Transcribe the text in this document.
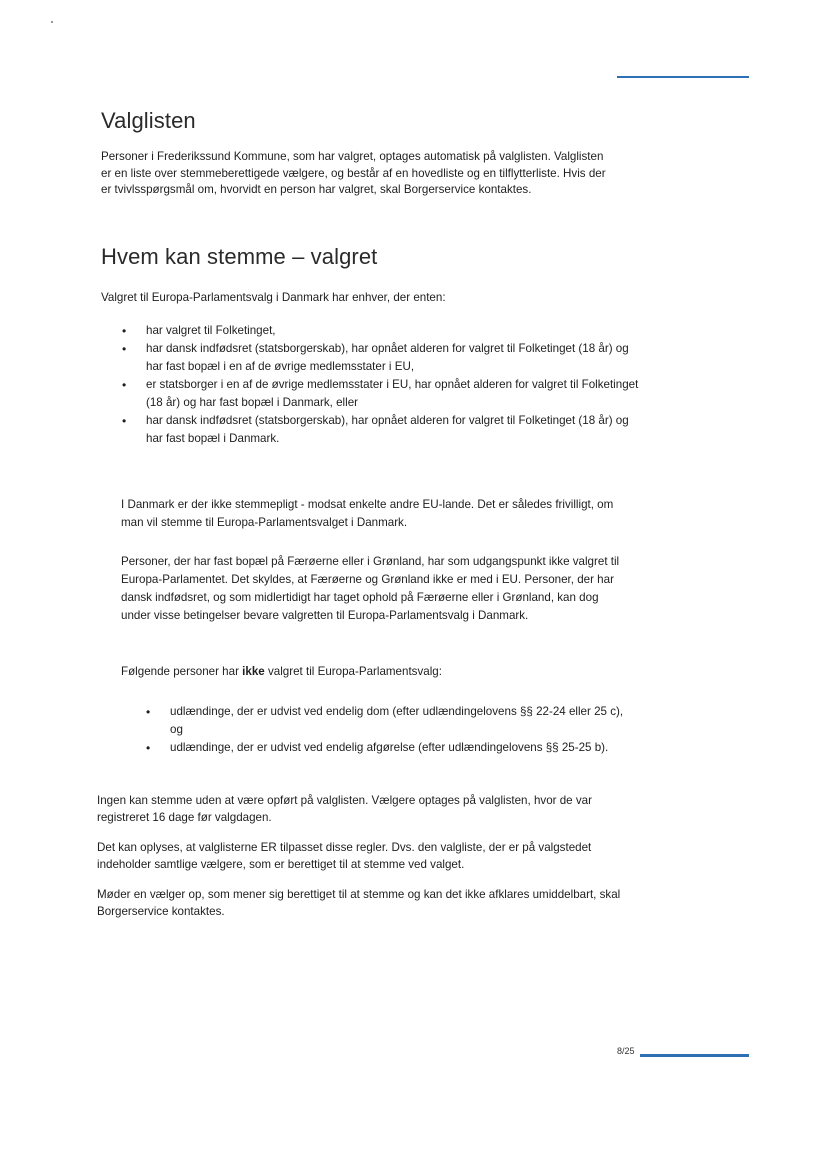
Valglisten

Personer i Frederikssund Kommune, som har valgret, optages automatisk på valglisten. Valglisten er en liste over stemmeberettigede vælgere, og består af en hovedliste og en tilflytterliste. Hvis der er tvivlsspørgsmål om, hvorvidt en person har valgret, skal Borgerservice kontaktes.

Hvem kan stemme – valgret

Valgret til Europa-Parlamentsvalg i Danmark har enhver, der enten:

• har valgret til Folketinget,
• har dansk indfødsret (statsborgerskab), har opnået alderen for valgret til Folketinget (18 år) og har fast bopæl i en af de øvrige medlemsstater i EU,
• er statsborger i en af de øvrige medlemsstater i EU, har opnået alderen for valgret til Folketinget (18 år) og har fast bopæl i Danmark, eller
• har dansk indfødsret (statsborgerskab), har opnået alderen for valgret til Folketinget (18 år) og har fast bopæl i Danmark.

I Danmark er der ikke stemmepligt - modsat enkelte andre EU-lande. Det er således frivilligt, om man vil stemme til Europa-Parlamentsvalget i Danmark.

Personer, der har fast bopæl på Færøerne eller i Grønland, har som udgangspunkt ikke valgret til Europa-Parlamentet. Det skyldes, at Færøerne og Grønland ikke er med i EU. Personer, der har dansk indfødsret, og som midlertidigt har taget ophold på Færøerne eller i Grønland, kan dog under visse betingelser bevare valgretten til Europa-Parlamentsvalg i Danmark.

Følgende personer har ikke valgret til Europa-Parlamentsvalg:

• udlændinge, der er udvist ved endelig dom (efter udlændingelovens §§ 22-24 eller 25 c), og
• udlændinge, der er udvist ved endelig afgørelse (efter udlændingelovens §§ 25-25 b).

Ingen kan stemme uden at være opført på valglisten. Vælgere optages på valglisten, hvor de var registreret 16 dage før valgdagen.

Det kan oplyses, at valglisterne ER tilpasset disse regler. Dvs. den valgliste, der er på valgstedet indeholder samtlige vælgere, som er berettiget til at stemme ved valget.

Møder en vælger op, som mener sig berettiget til at stemme og kan det ikke afklares umiddelbart, skal Borgerservice kontaktes.

8/25
